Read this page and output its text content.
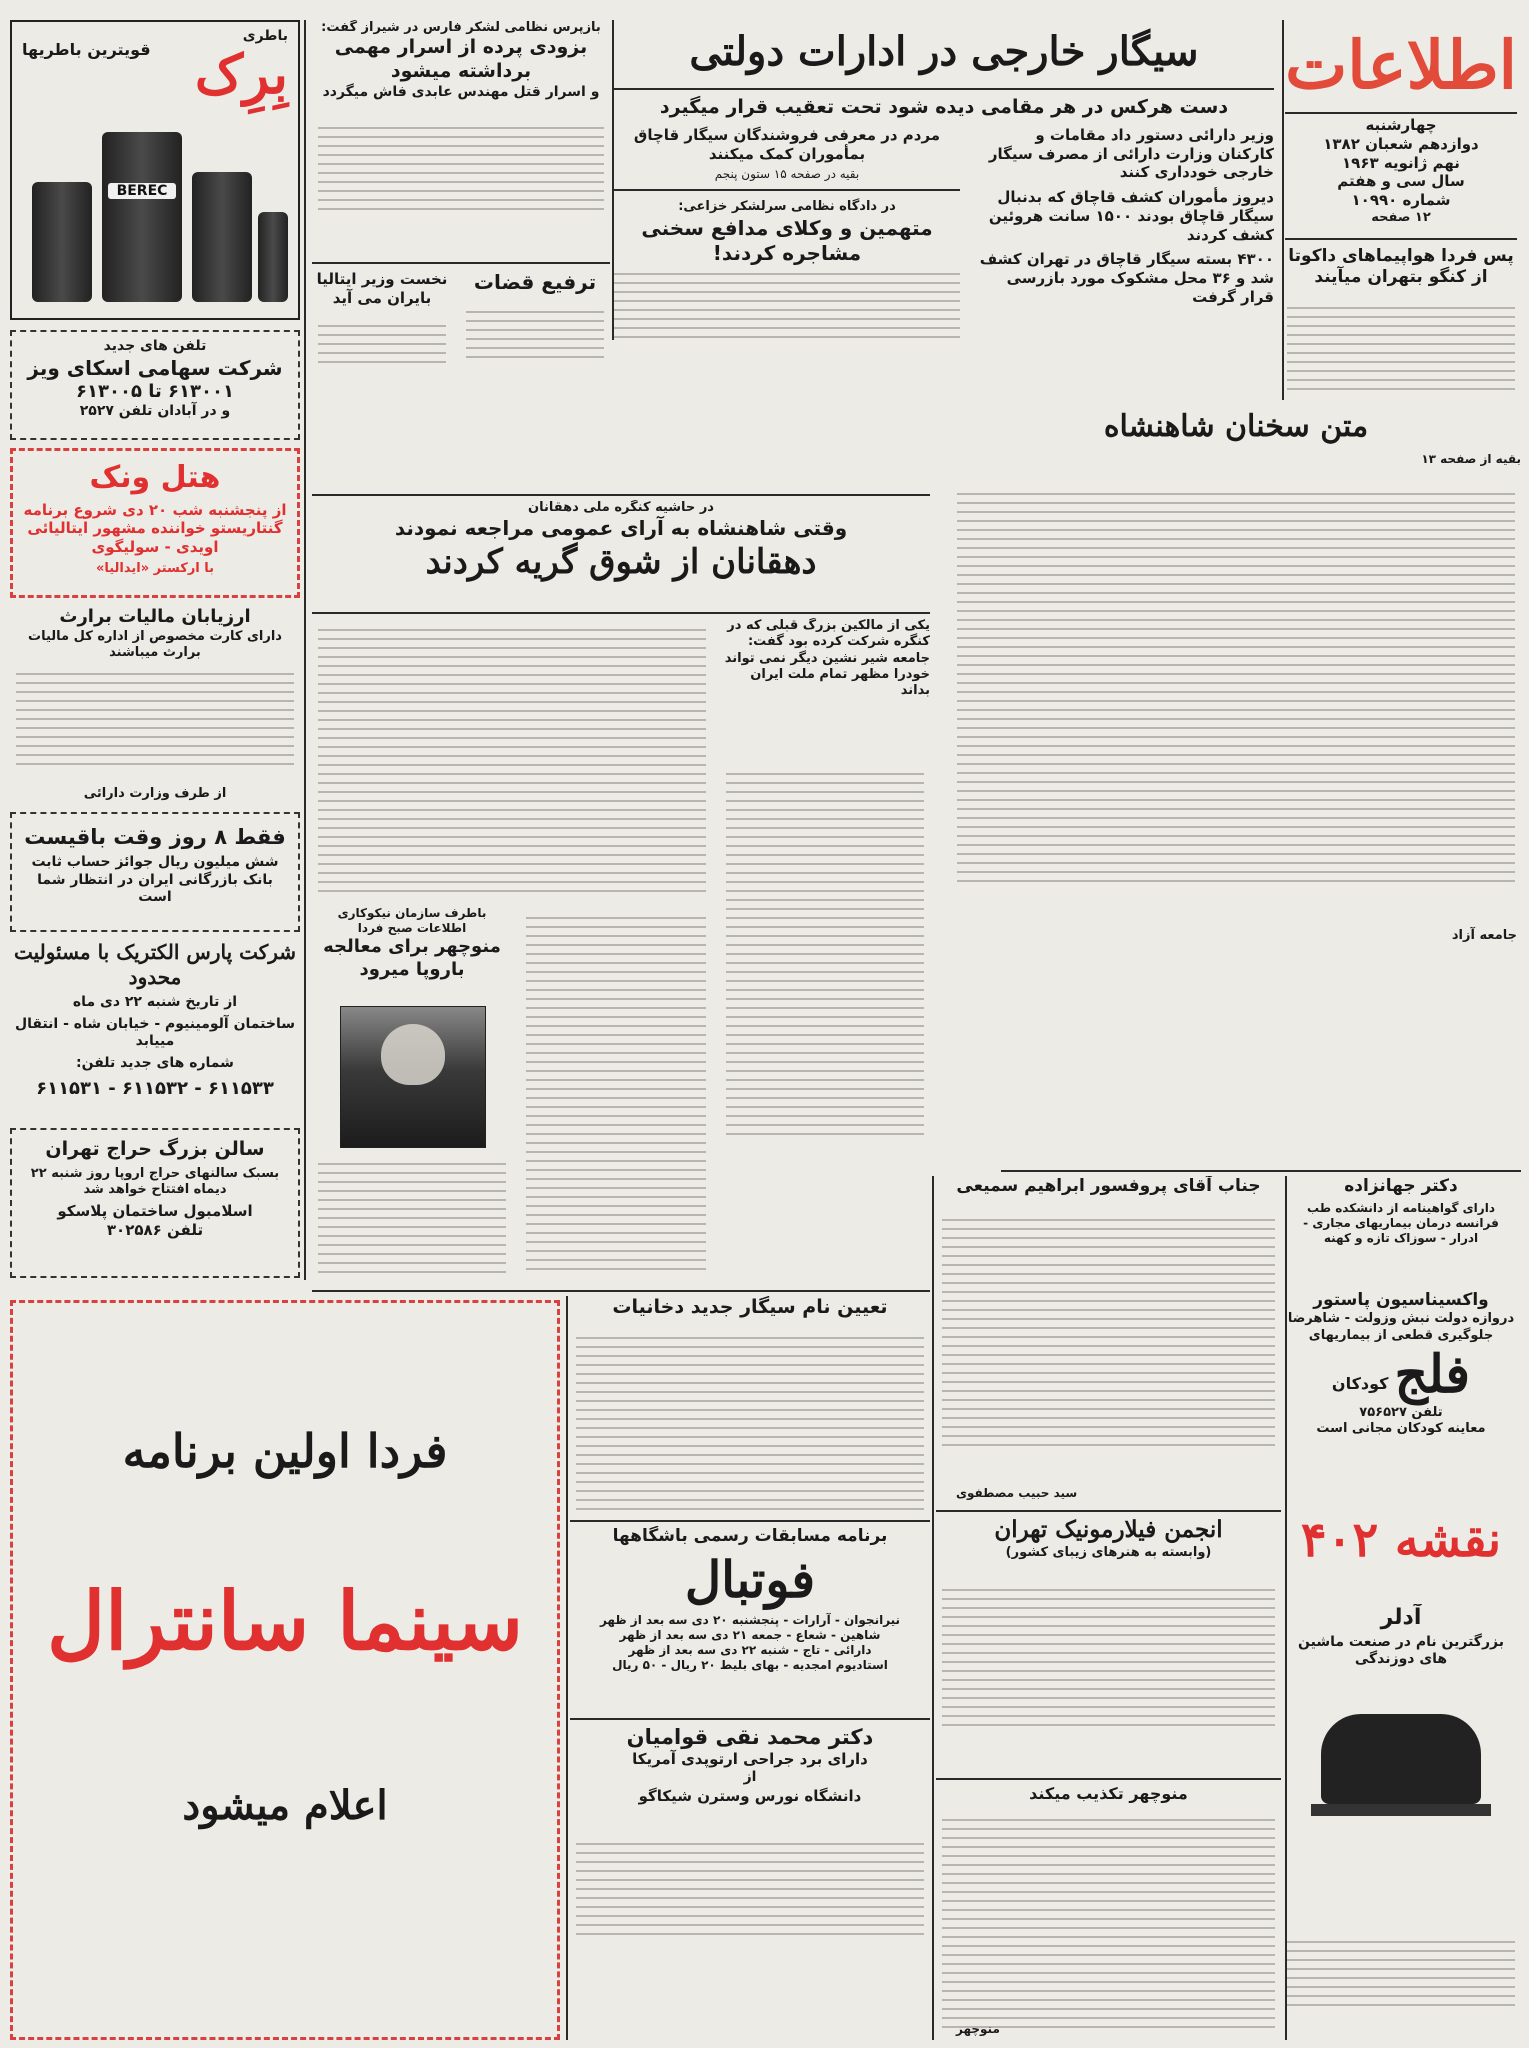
اطلاعات
چهارشنبه
دوازدهم شعبان ۱۳۸۲
نهم ژانویه ۱۹۶۳
سال سی و هفتم
شماره ۱۰۹۹۰
۱۲ صفحه
پس فردا هواپیماهای داکوتا از کنگو بتهران میآیند
سیگار خارجی در ادارات دولتی
دست هرکس در هر مقامی دیده شود تحت تعقیب قرار میگیرد
وزیر دارائی دستور داد مقامات و کارکنان وزارت دارائی از مصرف سیگار خارجی خودداری کنند
دیروز مأموران کشف قاچاق که بدنبال سیگار قاچاق بودند ۱۵۰۰ سانت هروئین کشف کردند
۴۳۰۰ بسته سیگار قاچاق در تهران کشف شد و ۳۶ محل مشکوک مورد بازرسی قرار گرفت
مردم در معرفی فروشندگان سیگار قاچاق بمأموران کمک میکنند
بقیه در صفحه ۱۵ ستون پنجم
در دادگاه نظامی سرلشکر خزاعی:
متهمین و وکلای مدافع سخنی مشاجره کردند!
بازپرس نظامی لشکر فارس در شیراز گفت:
بزودی پرده از اسرار مهمی برداشته میشود
و اسرار قتل مهندس عابدی فاش میگردد
ترفیع قضات
نخست وزیر ایتالیا بایران می آید
باطری
بِرِک
قویترین باطریها
BEREC
تلفن های جدید
شرکت سهامی اسکای ویز
۶۱۳۰۰۱ تا ۶۱۳۰۰۵
و در آبادان تلفن ۲۵۲۷
هتل ونک
از پنجشنبه شب ۲۰ دی شروع برنامه گنتاریستو خواننده مشهور ایتالیائی اویدی - سولیگوی
با ارکستر «ایدالیا»
ارزیابان مالیات برارث
دارای کارت مخصوص از اداره کل مالیات برارث میباشند
از طرف وزارت دارائی
فقط ۸ روز وقت باقیست
شش میلیون ریال جوائز حساب ثابت بانک بازرگانی ایران در انتظار شما است
شرکت پارس الکتریک با مسئولیت محدود
از تاریخ شنبه ۲۲ دی ماه
ساختمان آلومینیوم - خیابان شاه - انتقال مییابد
شماره های جدید تلفن:
۶۱۱۵۳۳ - ۶۱۱۵۳۲ - ۶۱۱۵۳۱
سالن بزرگ حراج تهران
بسبک سالنهای حراج اروپا روز شنبه ۲۲ دیماه افتتاح خواهد شد
اسلامبول ساختمان پلاسکو
تلفن ۳۰۲۵۸۶
متن سخنان شاهنشاه
بقیه از صفحه ۱۳
جامعه آزاد
دکتر جهانزاده
دارای گواهینامه از دانشکده طب فرانسه درمان بیماریهای مجاری - ادرار - سوزاک تازه و کهنه
واکسیناسیون پاستور
دروازه دولت نبش وزولت - شاهرضا
جلوگیری قطعی از بیماریهای
فلج
کودکان
تلفن ۷۵۶۵۲۷
معاینه کودکان مجانی است
نقشه ۴۰۲
آدلر
بزرگترین نام در صنعت ماشین های دوزندگی
جناب آقای پروفسور ابراهیم سمیعی
سید حبیب مصطفوی
انجمن فیلارمونیک تهران
(وابسته به هنرهای زیبای کشور)
منوچهر تکذیب میکند
منوچهر
در حاشیه کنگره ملی دهقانان
وقتی شاهنشاه به آرای عمومی مراجعه نمودند
دهقانان از شوق گریه کردند
یکی از مالکین بزرگ قبلی که در کنگره شرکت کرده بود گفت: جامعه شیر نشین دیگر نمی تواند خودرا مظهر تمام ملت ایران بداند
باطرف سازمان نیکوکاری اطلاعات صبح فردا
منوچهر برای معالجه باروپا میرود
تعیین نام سیگار جدید دخانیات
برنامه مسابقات رسمی باشگاهها
فوتبال
نیرانجوان - آرارات - پنجشنبه ۲۰ دی سه بعد از ظهر
شاهین - شعاع - جمعه ۲۱ دی سه بعد از ظهر
دارائی - تاج - شنبه ۲۲ دی سه بعد از ظهر
استادیوم امجدیه - بهای بلیط ۲۰ ریال - ۵۰ ریال
دکتر محمد نقی قوامیان
دارای برد جراحی ارتوپدی آمریکا
از
دانشگاه نورس وسترن شیکاگو
فردا اولین برنامه
سینما سانترال
اعلام میشود
